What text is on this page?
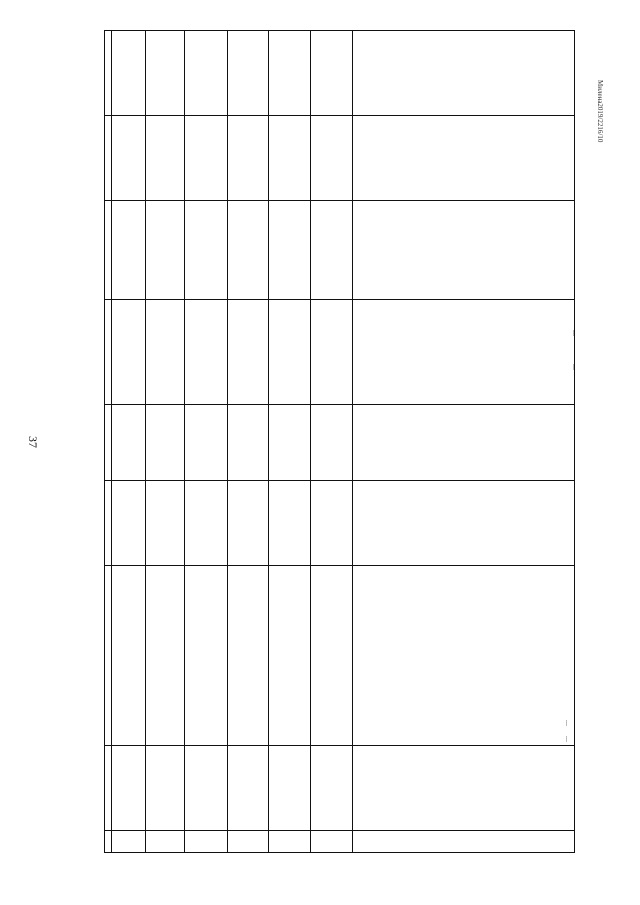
37
Милена2019/2216/10
